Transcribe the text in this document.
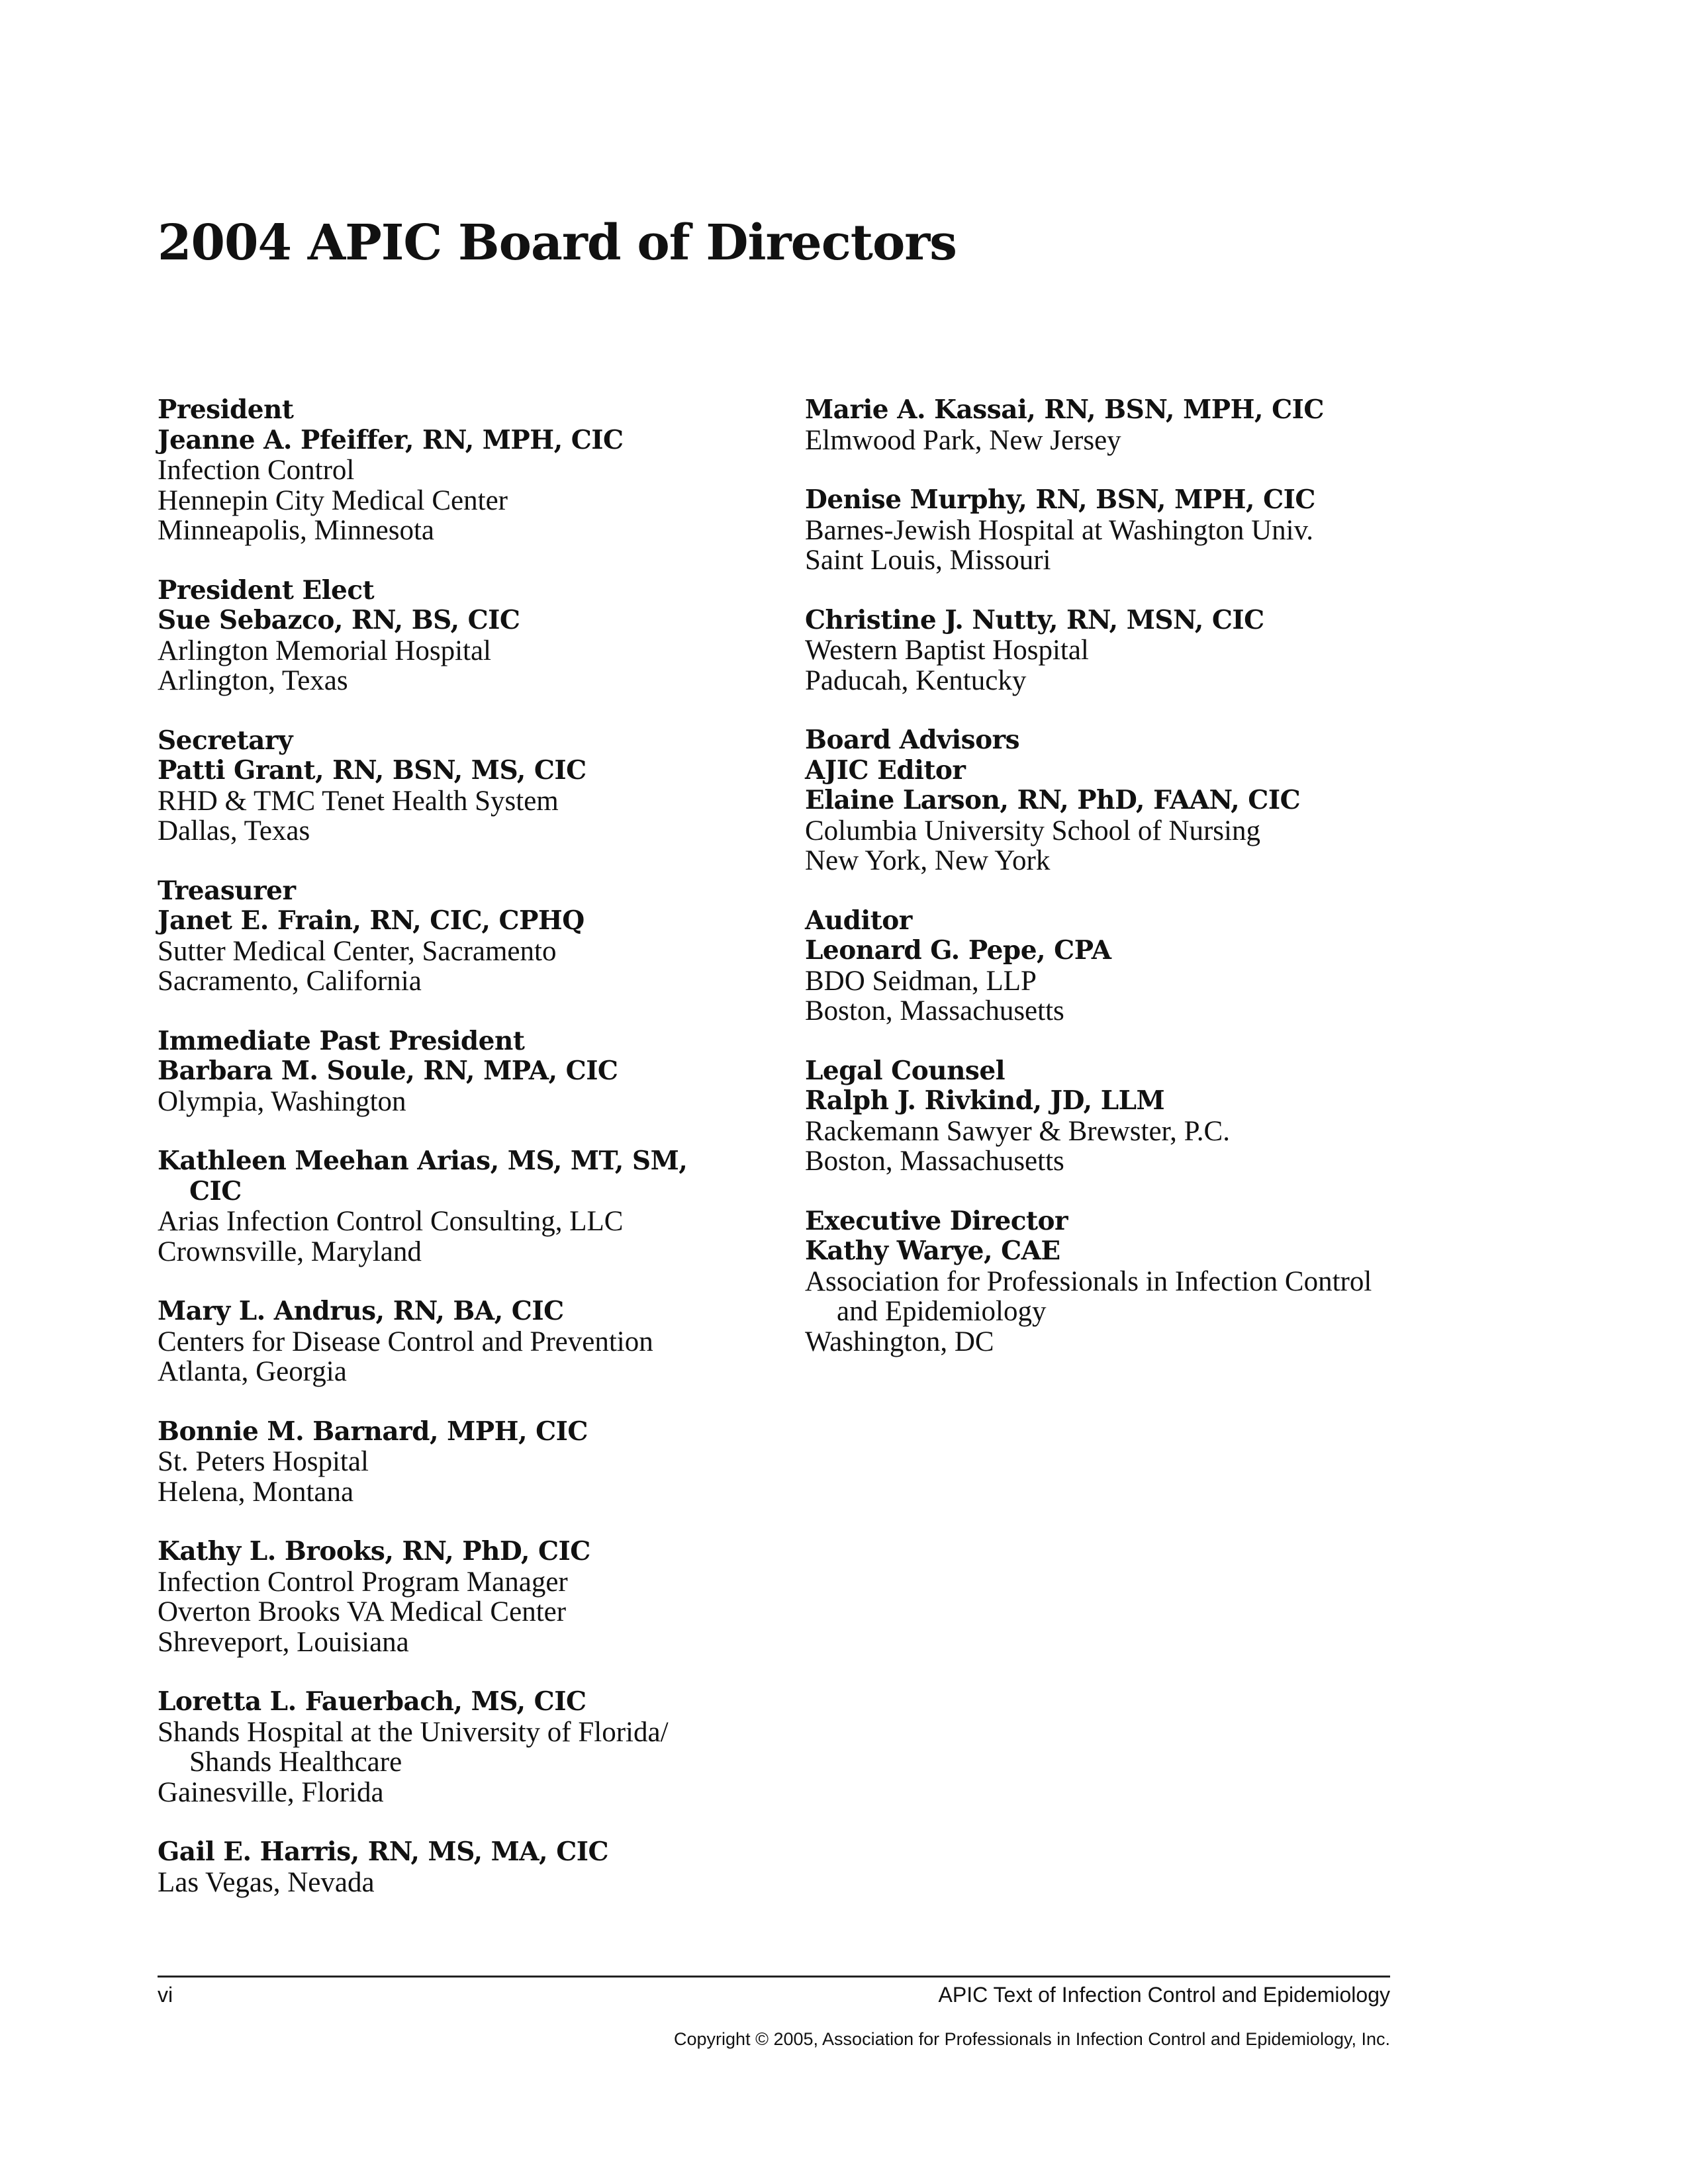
2004 APIC Board of Directors
President
Jeanne A. Pfeiffer, RN, MPH, CIC
Infection Control
Hennepin City Medical Center
Minneapolis, Minnesota
President Elect
Sue Sebazco, RN, BS, CIC
Arlington Memorial Hospital
Arlington, Texas
Secretary
Patti Grant, RN, BSN, MS, CIC
RHD & TMC Tenet Health System
Dallas, Texas
Treasurer
Janet E. Frain, RN, CIC, CPHQ
Sutter Medical Center, Sacramento
Sacramento, California
Immediate Past President
Barbara M. Soule, RN, MPA, CIC
Olympia, Washington
Kathleen Meehan Arias, MS, MT, SM,
CIC
Arias Infection Control Consulting, LLC
Crownsville, Maryland
Mary L. Andrus, RN, BA, CIC
Centers for Disease Control and Prevention
Atlanta, Georgia
Bonnie M. Barnard, MPH, CIC
St. Peters Hospital
Helena, Montana
Kathy L. Brooks, RN, PhD, CIC
Infection Control Program Manager
Overton Brooks VA Medical Center
Shreveport, Louisiana
Loretta L. Fauerbach, MS, CIC
Shands Hospital at the University of Florida/
Shands Healthcare
Gainesville, Florida
Gail E. Harris, RN, MS, MA, CIC
Las Vegas, Nevada
Marie A. Kassai, RN, BSN, MPH, CIC
Elmwood Park, New Jersey
Denise Murphy, RN, BSN, MPH, CIC
Barnes-Jewish Hospital at Washington Univ.
Saint Louis, Missouri
Christine J. Nutty, RN, MSN, CIC
Western Baptist Hospital
Paducah, Kentucky
Board Advisors
AJIC Editor
Elaine Larson, RN, PhD, FAAN, CIC
Columbia University School of Nursing
New York, New York
Auditor
Leonard G. Pepe, CPA
BDO Seidman, LLP
Boston, Massachusetts
Legal Counsel
Ralph J. Rivkind, JD, LLM
Rackemann Sawyer & Brewster, P.C.
Boston, Massachusetts
Executive Director
Kathy Warye, CAE
Association for Professionals in Infection Control
and Epidemiology
Washington, DC
vi	APIC Text of Infection Control and Epidemiology
Copyright © 2005, Association for Professionals in Infection Control and Epidemiology, Inc.
